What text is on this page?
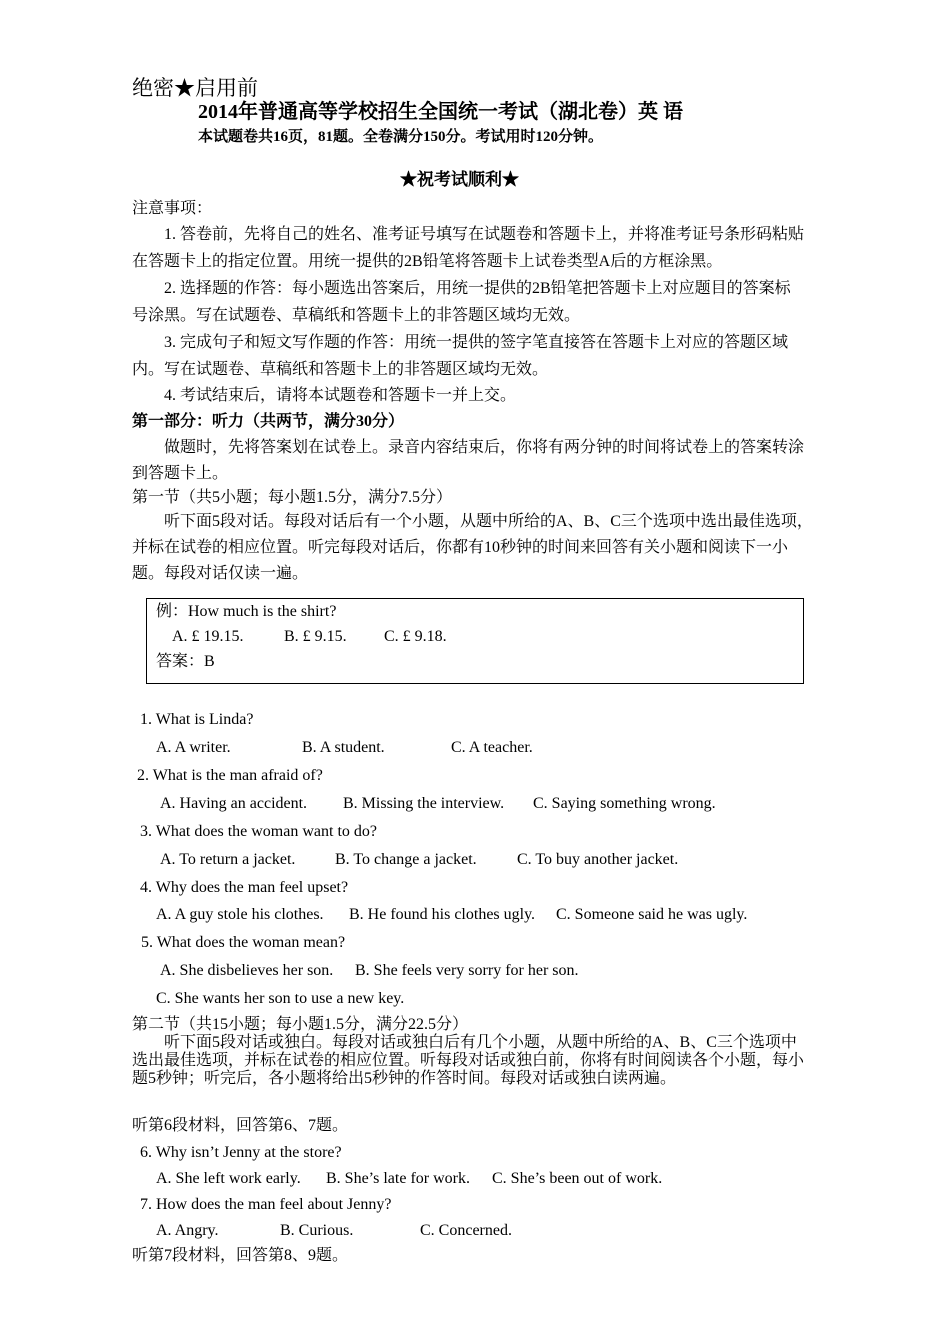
绝密★启用前
2014年普通高等学校招生全国统一考试（湖北卷）英 语
本试题卷共16页，81题。全卷满分150分。考试用时120分钟。
★祝考试顺利★
注意事项：
1. 答卷前，先将自己的姓名、准考证号填写在试题卷和答题卡上，并将准考证号条形码粘贴
在答题卡上的指定位置。用统一提供的2B铅笔将答题卡上试卷类型A后的方框涂黑。
2. 选择题的作答：每小题选出答案后，用统一提供的2B铅笔把答题卡上对应题目的答案标
号涂黑。写在试题卷、草稿纸和答题卡上的非答题区域均无效。
3. 完成句子和短文写作题的作答：用统一提供的签字笔直接答在答题卡上对应的答题区域
内。写在试题卷、草稿纸和答题卡上的非答题区域均无效。
4. 考试结束后，请将本试题卷和答题卡一并上交。
第一部分：听力（共两节，满分30分）
做题时，先将答案划在试卷上。录音内容结束后，你将有两分钟的时间将试卷上的答案转涂
到答题卡上。
第一节（共5小题；每小题1.5分，满分7.5分）
听下面5段对话。每段对话后有一个小题，从题中所给的A、B、C三个选项中选出最佳选项，
并标在试卷的相应位置。听完每段对话后，你都有10秒钟的时间来回答有关小题和阅读下一小
题。每段对话仅读一遍。
例：How much is the shirt?
A. £ 19.15.	B. £ 9.15. C. £ 9.18.
答案：B
1. What is Linda?
A. A writer.	B. A student.	C. A teacher.
2. What is the man afraid of?
A. Having an accident. B. Missing the interview. C. Saying something wrong.
3. What does the woman want to do?
A. To return a jacket. B. To change a jacket.	C. To buy another jacket.
4. Why does the man feel upset?
A. A guy stole his clothes. B. He found his clothes ugly. C. Someone said he was ugly.
5. What does the woman mean?
A. She disbelieves her son. B. She feels very sorry for her son.
C. She wants her son to use a new key.
第二节（共15小题；每小题1.5分，满分22.5分）
听下面5段对话或独白。每段对话或独白后有几个小题，从题中所给的A、B、C三个选项中
选出最佳选项，并标在试卷的相应位置。听每段对话或独白前，你将有时间阅读各个小题，每小
题5秒钟；听完后，各小题将给出5秒钟的作答时间。每段对话或独白读两遍。
听第6段材料，回答第6、7题。
6. Why isn’t Jenny at the store?
A. She left work early. B. She’s late for work. C. She’s been out of work.
7. How does the man feel about Jenny?
A. Angry.	B. Curious.	C. Concerned.
听第7段材料，回答第8、9题。
